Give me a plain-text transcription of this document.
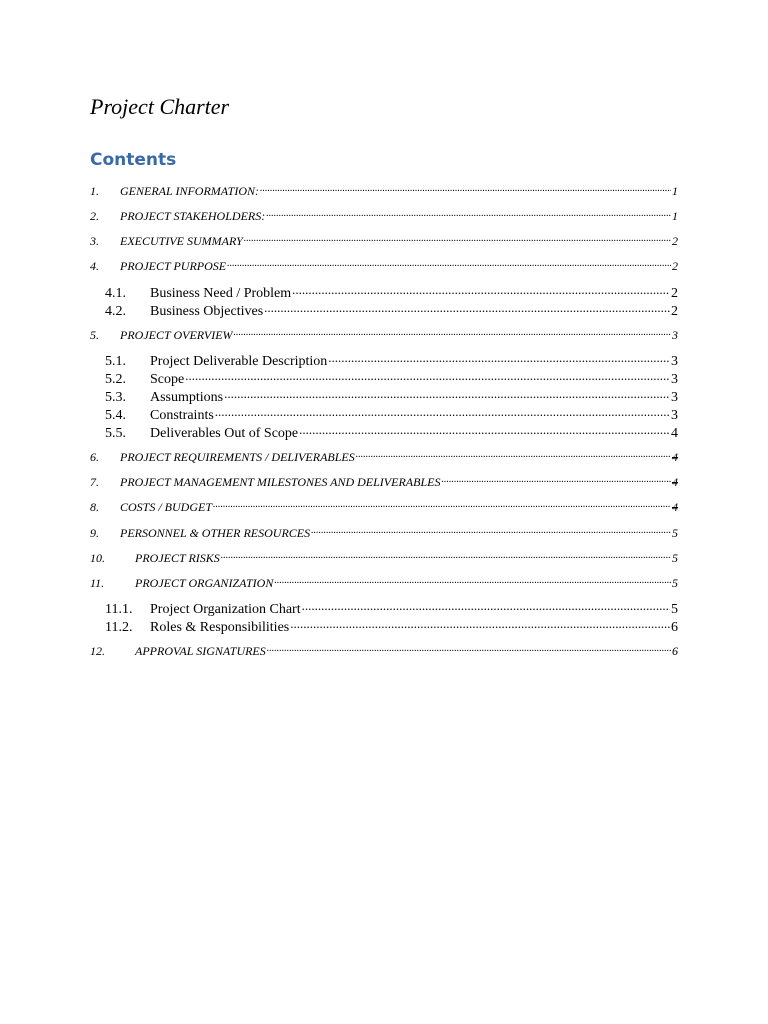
Project Charter
Contents
1.	GENERAL INFORMATION: .....	1
2.	PROJECT STAKEHOLDERS: .....	1
3.	EXECUTIVE SUMMARY .....	2
4.	PROJECT PURPOSE .....	2
4.1.	Business Need / Problem .....	2
4.2.	Business Objectives .....	2
5.	PROJECT OVERVIEW .....	3
5.1.	Project Deliverable Description .....	3
5.2.	Scope .....	3
5.3.	Assumptions .....	3
5.4.	Constraints .....	3
5.5.	Deliverables Out of Scope .....	4
6.	PROJECT REQUIREMENTS / DELIVERABLES .....	4
7.	PROJECT MANAGEMENT MILESTONES AND DELIVERABLES .....	4
8.	COSTS / BUDGET .....	4
9.	PERSONNEL & OTHER RESOURCES .....	5
10.	PROJECT RISKS .....	5
11.	PROJECT ORGANIZATION .....	5
11.1.	Project Organization Chart .....	5
11.2.	Roles & Responsibilities .....	6
12.	APPROVAL SIGNATURES .....	6
